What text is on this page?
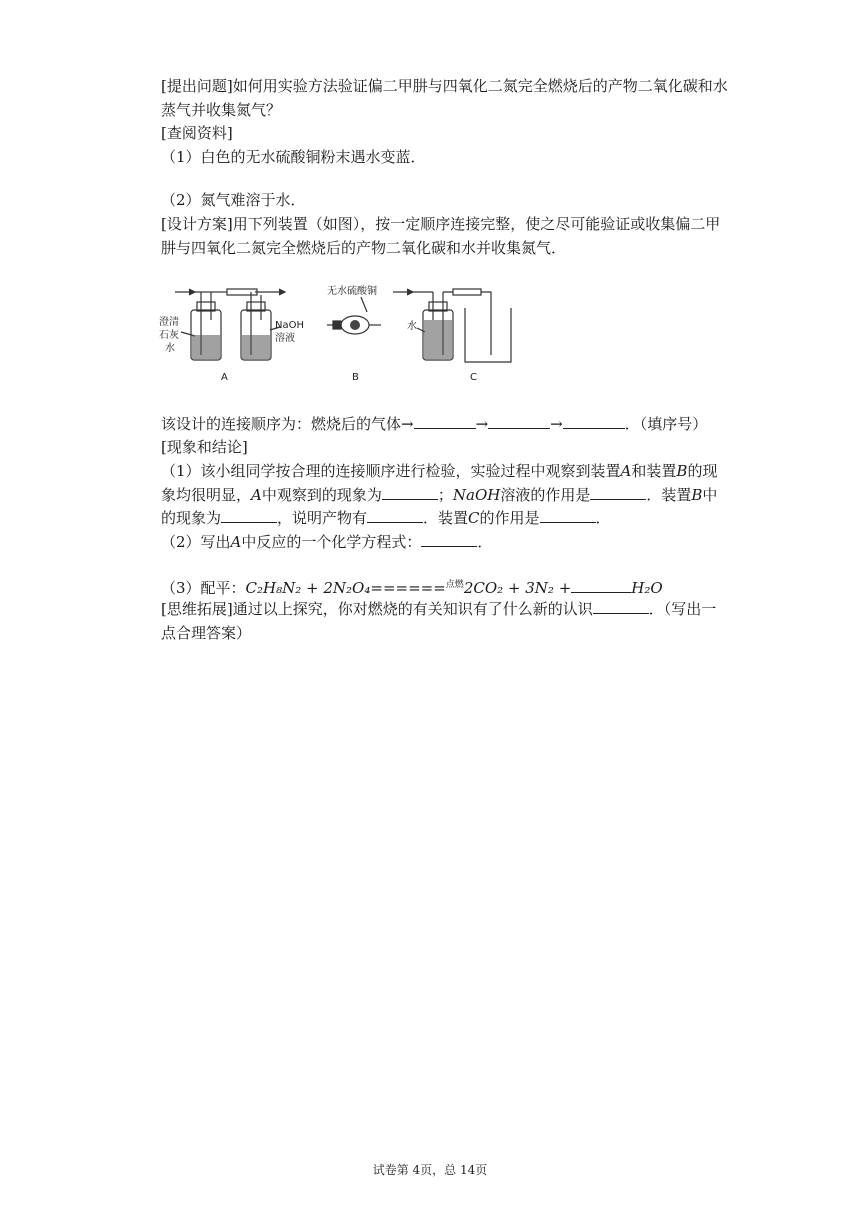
[提出问题]如何用实验方法验证偏二甲肼与四氧化二氮完全燃烧后的产物二氧化碳和水
蒸气并收集氮气？
[查阅资料]
（1）白色的无水硫酸铜粉末遇水变蓝．
（2）氮气难溶于水．
[设计方案]用下列装置（如图），按一定顺序连接完整，使之尽可能验证或收集偏二甲
肼与四氧化二氮完全燃烧后的产物二氧化碳和水并收集氮气．
澄清
石灰
水
NaOH
溶液
无水硫酸铜
水
A	B	C
该设计的连接顺序为：燃烧后的气体→	→	→	．（填序号）
[现象和结论]
（1）该小组同学按合理的连接顺序进行检验，实验过程中观察到装置A和装置B的现
象均很明显，A中观察到的现象为	；NaOH溶液的作用是	．装置B中
的现象为	，说明产物有	．装置C的作用是	．
（2）写出A中反应的一个化学方程式：	．
（3）配平：C₂H₈N₂ + 2N₂O₄======$^{点燃}$2CO₂ + 3N₂ +	H₂O
[思维拓展]通过以上探究，你对燃烧的有关知识有了什么新的认识	．（写出一
点合理答案）
试卷第 4页，总 14页
